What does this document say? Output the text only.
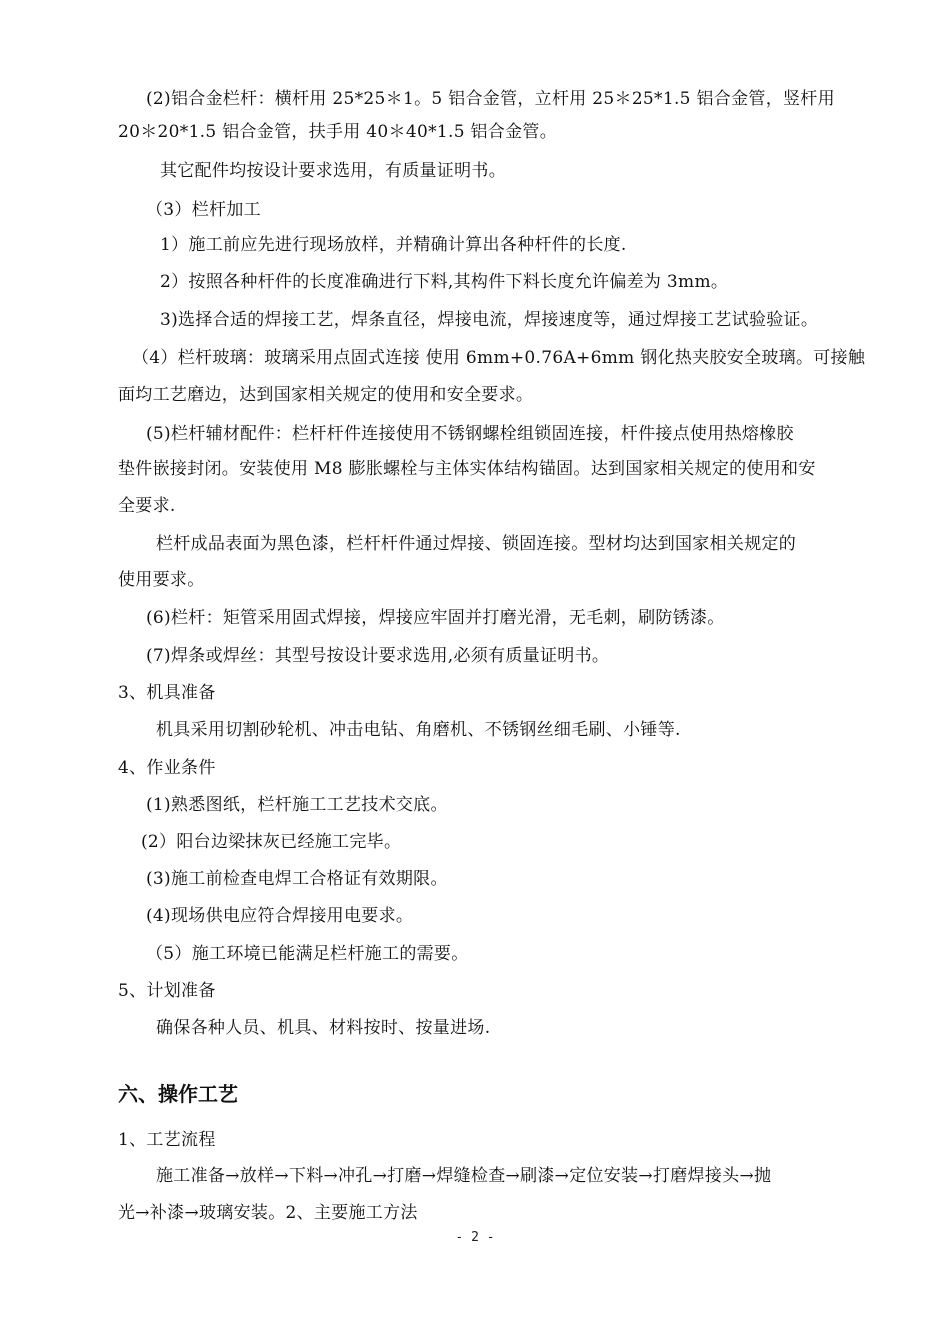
(2)铝合金栏杆：横杆用 25*25＊1。5 铝合金管，立杆用 25＊25*1.5 铝合金管，竖杆用
20＊20*1.5 铝合金管，扶手用 40＊40*1.5 铝合金管。
其它配件均按设计要求选用，有质量证明书。
（3）栏杆加工
1）施工前应先进行现场放样，并精确计算出各种杆件的长度.
2）按照各种杆件的长度准确进行下料,其构件下料长度允许偏差为 3mm。
3)选择合适的焊接工艺，焊条直径，焊接电流，焊接速度等，通过焊接工艺试验验证。
（4）栏杆玻璃：玻璃采用点固式连接 使用 6mm+0.76A+6mm 钢化热夹胶安全玻璃。可接触
面均工艺磨边，达到国家相关规定的使用和安全要求。
(5)栏杆辅材配件：栏杆杆件连接使用不锈钢螺栓组锁固连接，杆件接点使用热熔橡胶
垫件嵌接封闭。安装使用 M8 膨胀螺栓与主体实体结构锚固。达到国家相关规定的使用和安
全要求.
栏杆成品表面为黑色漆，栏杆杆件通过焊接、锁固连接。型材均达到国家相关规定的
使用要求。
(6)栏杆：矩管采用固式焊接，焊接应牢固并打磨光滑，无毛刺，刷防锈漆。
(7)焊条或焊丝：其型号按设计要求选用,必须有质量证明书。
3、机具准备
机具采用切割砂轮机、冲击电钻、角磨机、不锈钢丝细毛刷、小锤等.
4、作业条件
(1)熟悉图纸，栏杆施工工艺技术交底。
(2）阳台边梁抹灰已经施工完毕。
(3)施工前检查电焊工合格证有效期限。
(4)现场供电应符合焊接用电要求。
（5）施工环境已能满足栏杆施工的需要。
5、计划准备
确保各种人员、机具、材料按时、按量进场.
六、操作工艺
1、工艺流程
施工准备→放样→下料→冲孔→打磨→焊缝检查→刷漆→定位安装→打磨焊接头→抛
光→补漆→玻璃安装。2、主要施工方法
- 2 -
